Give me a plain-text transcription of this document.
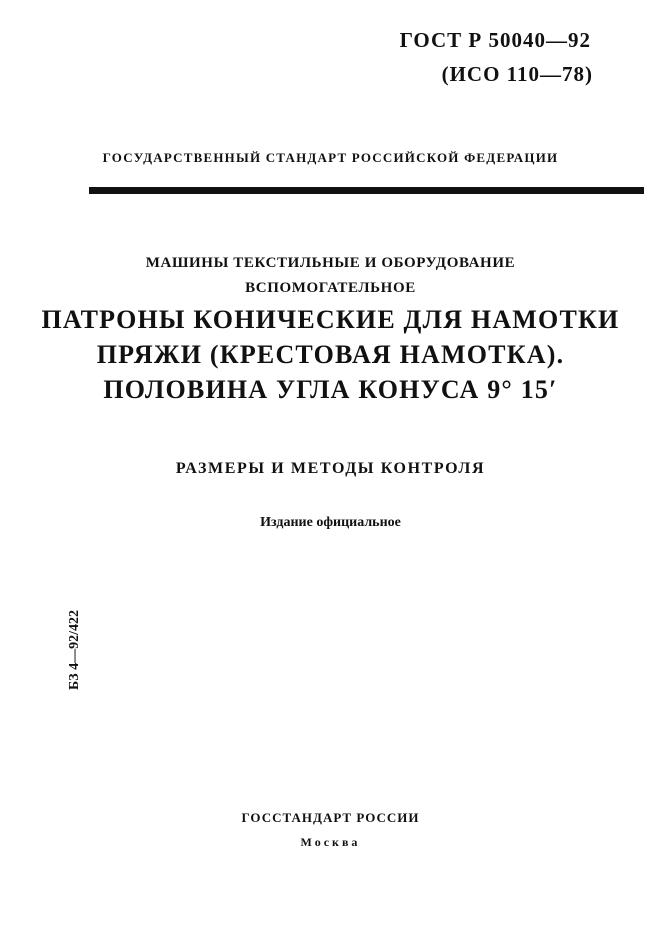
ГОСТ Р 50040—92
(ИСО 110—78)
ГОСУДАРСТВЕННЫЙ СТАНДАРТ РОССИЙСКОЙ ФЕДЕРАЦИИ
МАШИНЫ ТЕКСТИЛЬНЫЕ И ОБОРУДОВАНИЕ
ВСПОМОГАТЕЛЬНОЕ
ПАТРОНЫ КОНИЧЕСКИЕ ДЛЯ НАМОТКИ
ПРЯЖИ (КРЕСТОВАЯ НАМОТКА).
ПОЛОВИНА УГЛА КОНУСА 9° 15′
РАЗМЕРЫ И МЕТОДЫ КОНТРОЛЯ
Издание официальное
БЗ 4—92/422
ГОССТАНДАРТ РОССИИ
Москва
